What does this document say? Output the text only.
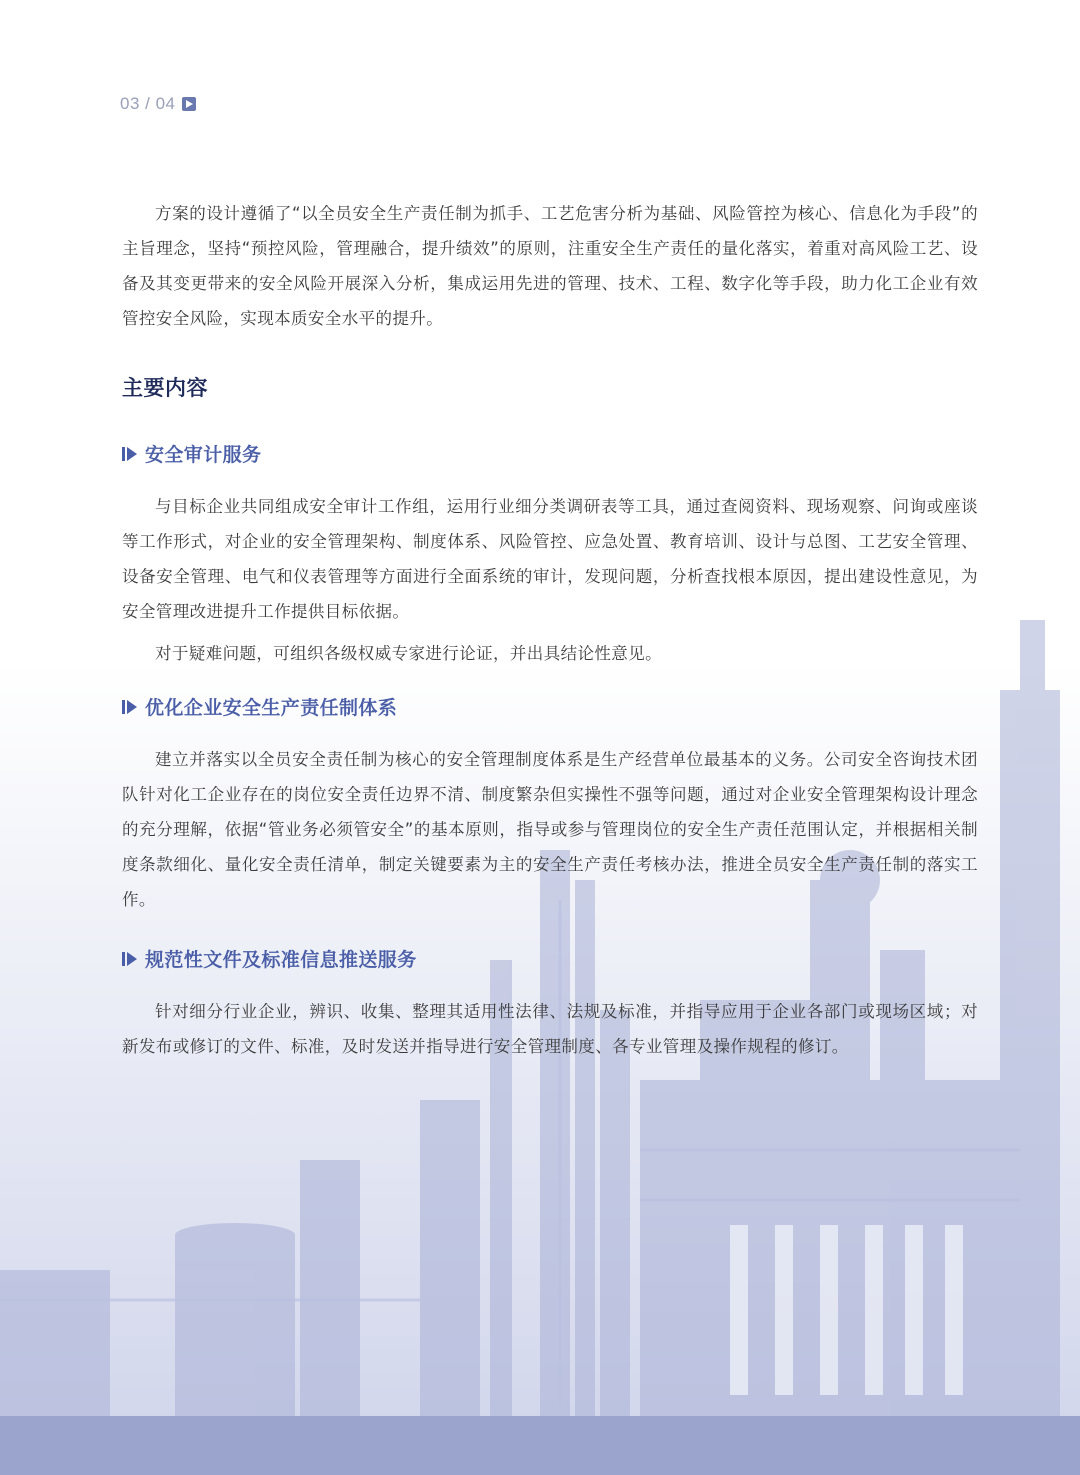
03 / 04

方案的设计遵循了“以全员安全生产责任制为抓手、工艺危害分析为基础、风险管控为核心、信息化为手段”的主旨理念，坚持“预控风险，管理融合，提升绩效”的原则，注重安全生产责任的量化落实，着重对高风险工艺、设备及其变更带来的安全风险开展深入分析，集成运用先进的管理、技术、工程、数字化等手段，助力化工企业有效管控安全风险，实现本质安全水平的提升。

主要内容
安全审计服务

与目标企业共同组成安全审计工作组，运用行业细分类调研表等工具，通过查阅资料、现场观察、问询或座谈等工作形式，对企业的安全管理架构、制度体系、风险管控、应急处置、教育培训、设计与总图、工艺安全管理、设备安全管理、电气和仪表管理等方面进行全面系统的审计，发现问题，分析查找根本原因，提出建设性意见，为安全管理改进提升工作提供目标依据。

对于疑难问题，可组织各级权威专家进行论证，并出具结论性意见。

优化企业安全生产责任制体系

建立并落实以全员安全责任制为核心的安全管理制度体系是生产经营单位最基本的义务。公司安全咨询技术团队针对化工企业存在的岗位安全责任边界不清、制度繁杂但实操性不强等问题，通过对企业安全管理架构设计理念的充分理解，依据“管业务必须管安全”的基本原则，指导或参与管理岗位的安全生产责任范围认定，并根据相关制度条款细化、量化安全责任清单，制定关键要素为主的安全生产责任考核办法，推进全员安全生产责任制的落实工作。

规范性文件及标准信息推送服务

针对细分行业企业，辨识、收集、整理其适用性法律、法规及标准，并指导应用于企业各部门或现场区域；对新发布或修订的文件、标准，及时发送并指导进行安全管理制度、各专业管理及操作规程的修订。
